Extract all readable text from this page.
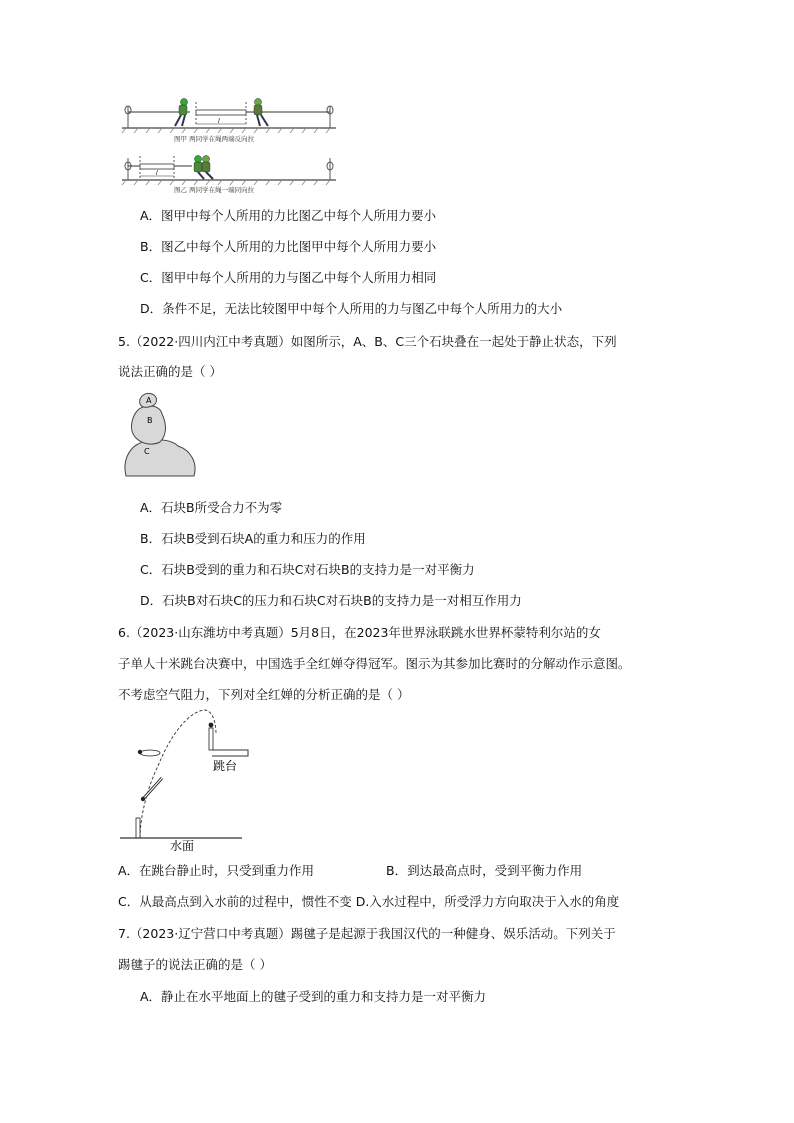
l
图甲 两同学在绳两端反向拉
l
图乙 两同学在绳一端同向拉
A．图甲中每个人所用的力比图乙中每个人所用力要小
B．图乙中每个人所用的力比图甲中每个人所用力要小
C．图甲中每个人所用的力与图乙中每个人所用力相同
D．条件不足，无法比较图甲中每个人所用的力与图乙中每个人所用力的大小
5.（2022·四川内江中考真题）如图所示，A、B、C三个石块叠在一起处于静止状态，下列
说法正确的是（ ）
A
B
C
A．石块B所受合力不为零
B．石块B受到石块A的重力和压力的作用
C．石块B受到的重力和石块C对石块B的支持力是一对平衡力
D．石块B对石块C的压力和石块C对石块B的支持力是一对相互作用力
6.（2023·山东潍坊中考真题）5月8日，在2023年世界泳联跳水世界杯蒙特利尔站的女
子单人十米跳台决赛中，中国选手全红婵夺得冠军。图示为其参加比赛时的分解动作示意图。
不考虑空气阻力，下列对全红婵的分析正确的是（ ）
跳台
水面
A．在跳台静止时，只受到重力作用	B．到达最高点时，受到平衡力作用
C．从最高点到入水前的过程中，惯性不变 D.入水过程中，所受浮力方向取决于入水的角度
7.（2023·辽宁营口中考真题）踢毽子是起源于我国汉代的一种健身、娱乐活动。下列关于
踢毽子的说法正确的是（ ）
A．静止在水平地面上的毽子受到的重力和支持力是一对平衡力
